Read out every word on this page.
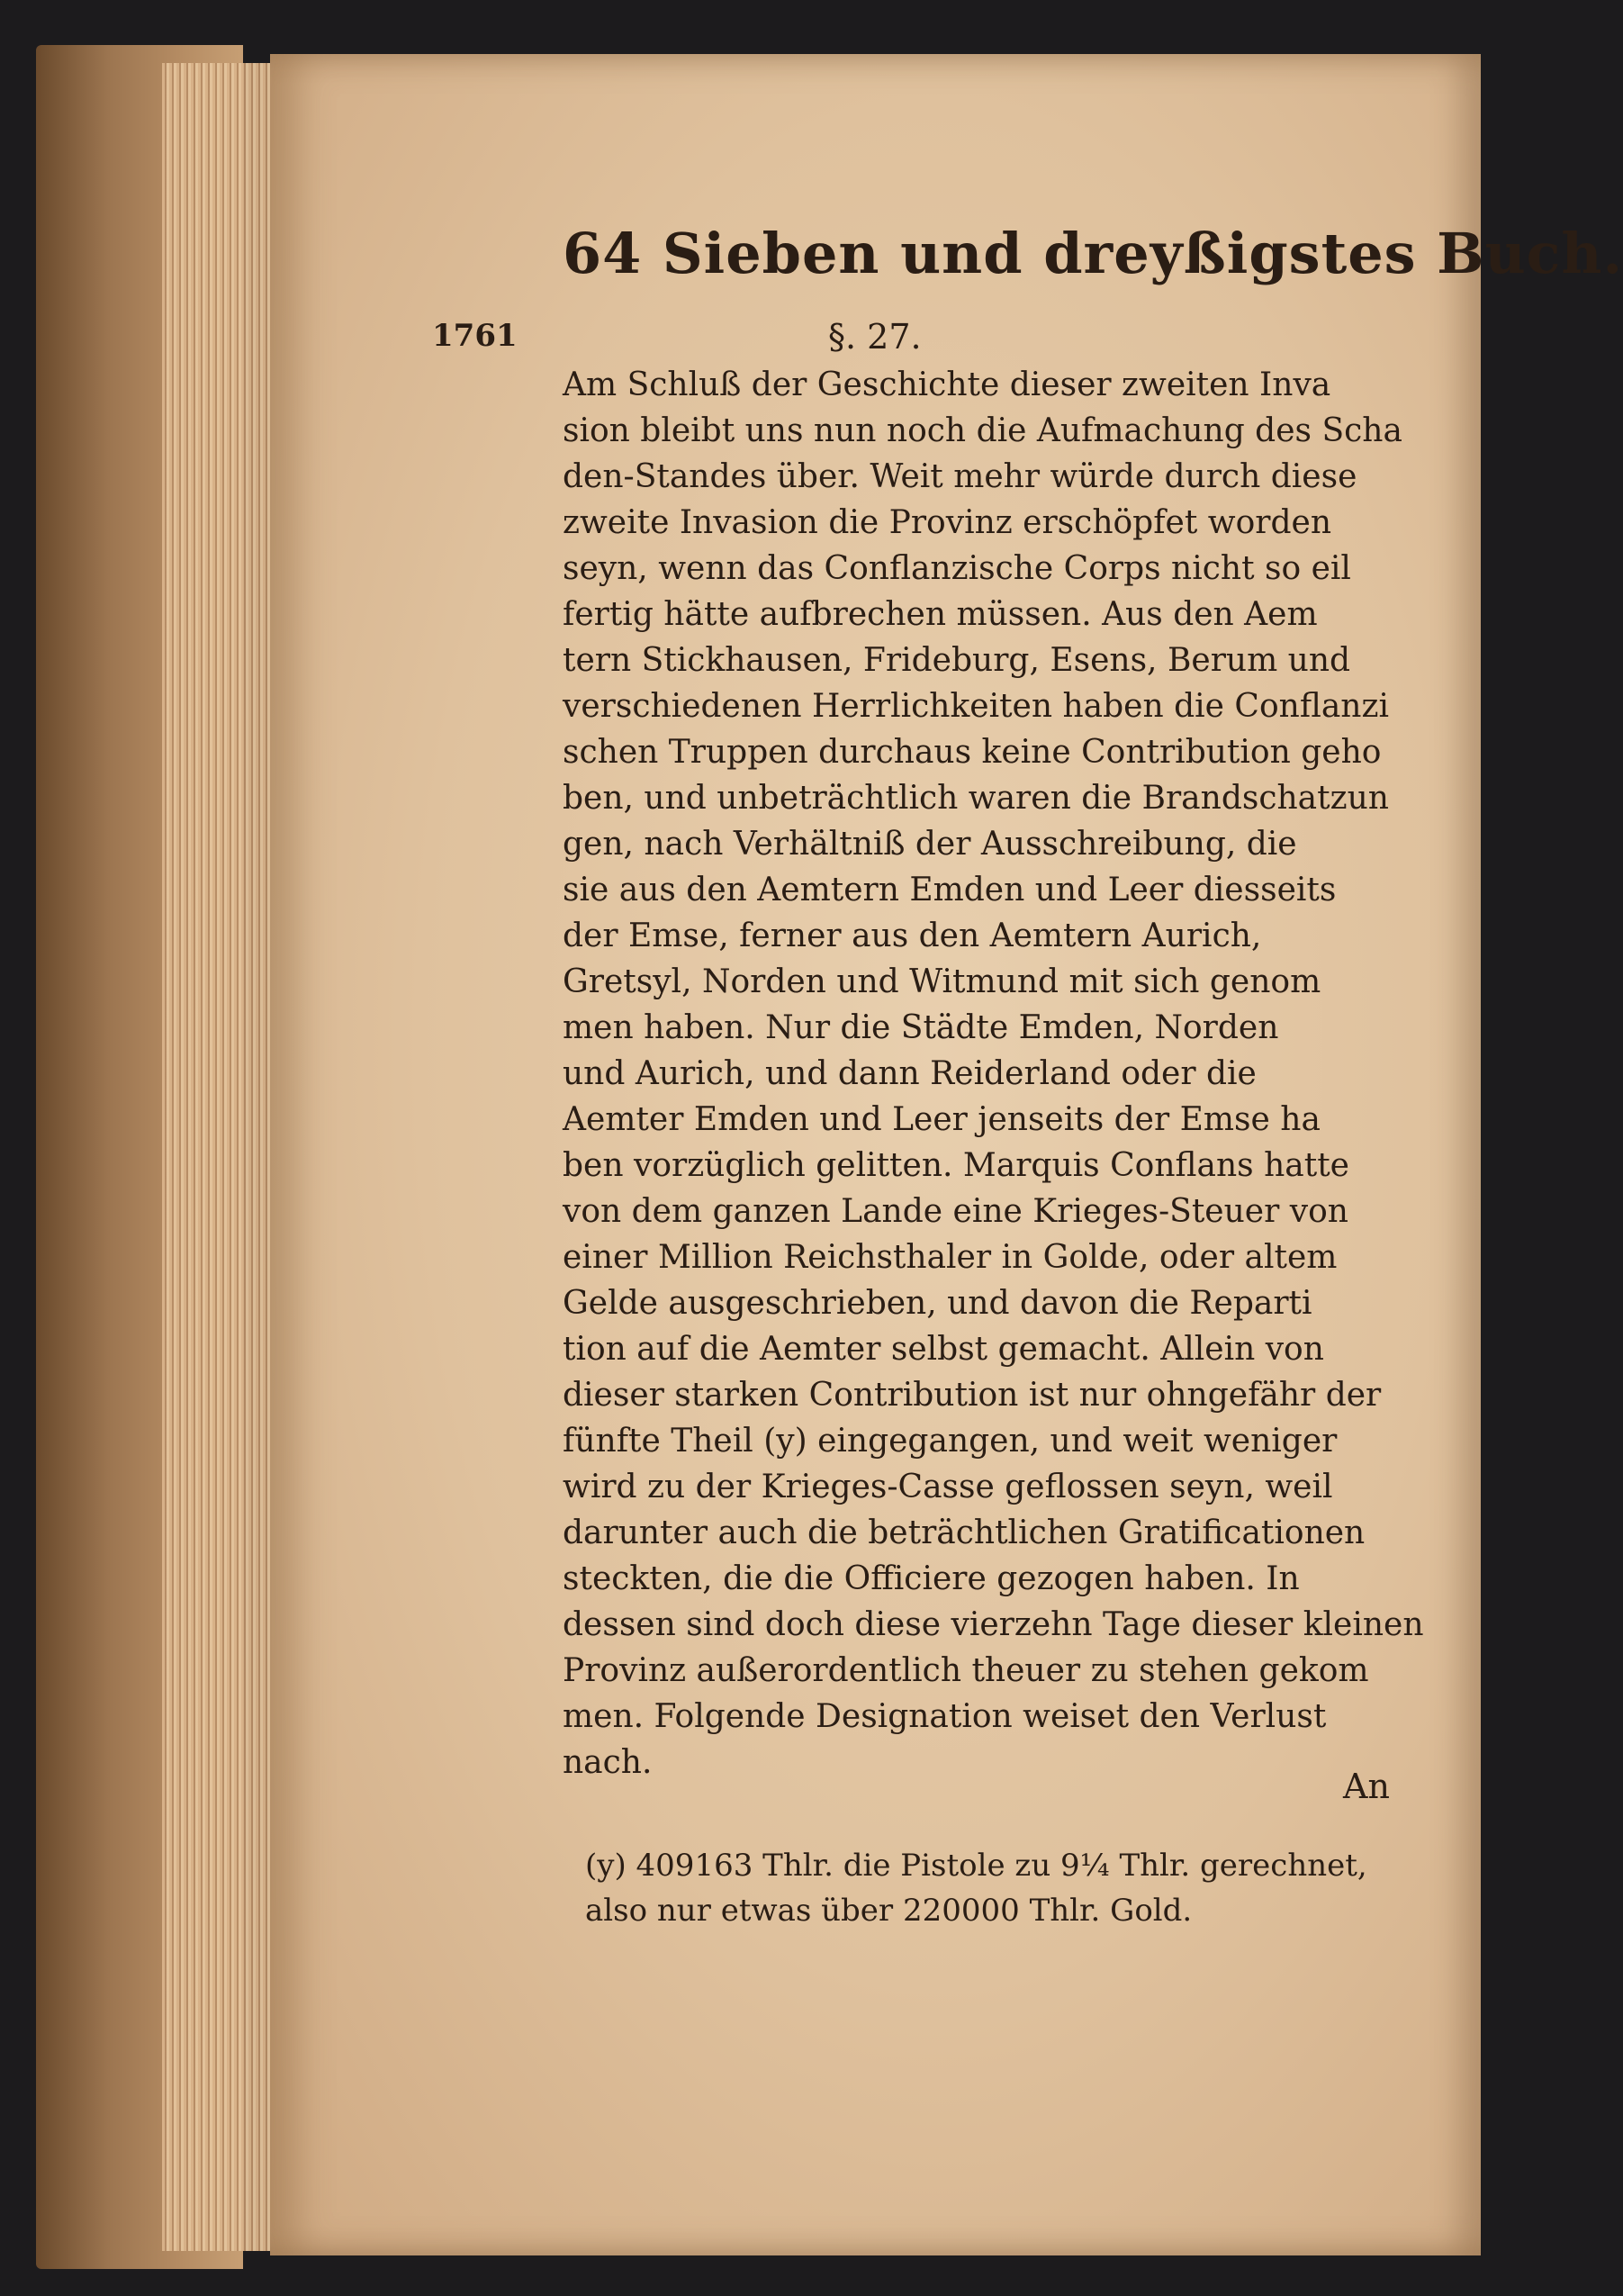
64 Sieben und dreyßigstes Buch.
1761	§. 27.
Am Schluß der Geschichte dieser zweiten Inva
sion bleibt uns nun noch die Aufmachung des Scha
den-Standes über. Weit mehr würde durch diese
zweite Invasion die Provinz erschöpfet worden
seyn, wenn das Conflanzische Corps nicht so eil
fertig hätte aufbrechen müssen. Aus den Aem
tern Stickhausen, Frideburg, Esens, Berum und
verschiedenen Herrlichkeiten haben die Conflanzi
schen Truppen durchaus keine Contribution geho
ben, und unbeträchtlich waren die Brandschatzun
gen, nach Verhältniß der Ausschreibung, die
sie aus den Aemtern Emden und Leer diesseits
der Emse, ferner aus den Aemtern Aurich,
Gretsyl, Norden und Witmund mit sich genom
men haben. Nur die Städte Emden, Norden
und Aurich, und dann Reiderland oder die
Aemter Emden und Leer jenseits der Emse ha
ben vorzüglich gelitten. Marquis Conflans hatte
von dem ganzen Lande eine Krieges-Steuer von
einer Million Reichsthaler in Golde, oder altem
Gelde ausgeschrieben, und davon die Reparti
tion auf die Aemter selbst gemacht. Allein von
dieser starken Contribution ist nur ohngefähr der
fünfte Theil (y) eingegangen, und weit weniger
wird zu der Krieges-Casse geflossen seyn, weil
darunter auch die beträchtlichen Gratificationen
steckten, die die Officiere gezogen haben. In
dessen sind doch diese vierzehn Tage dieser kleinen
Provinz außerordentlich theuer zu stehen gekom
men. Folgende Designation weiset den Verlust
nach.
An
(y) 409163 Thlr. die Pistole zu 9¼ Thlr. gerechnet,
also nur etwas über 220000 Thlr. Gold.
